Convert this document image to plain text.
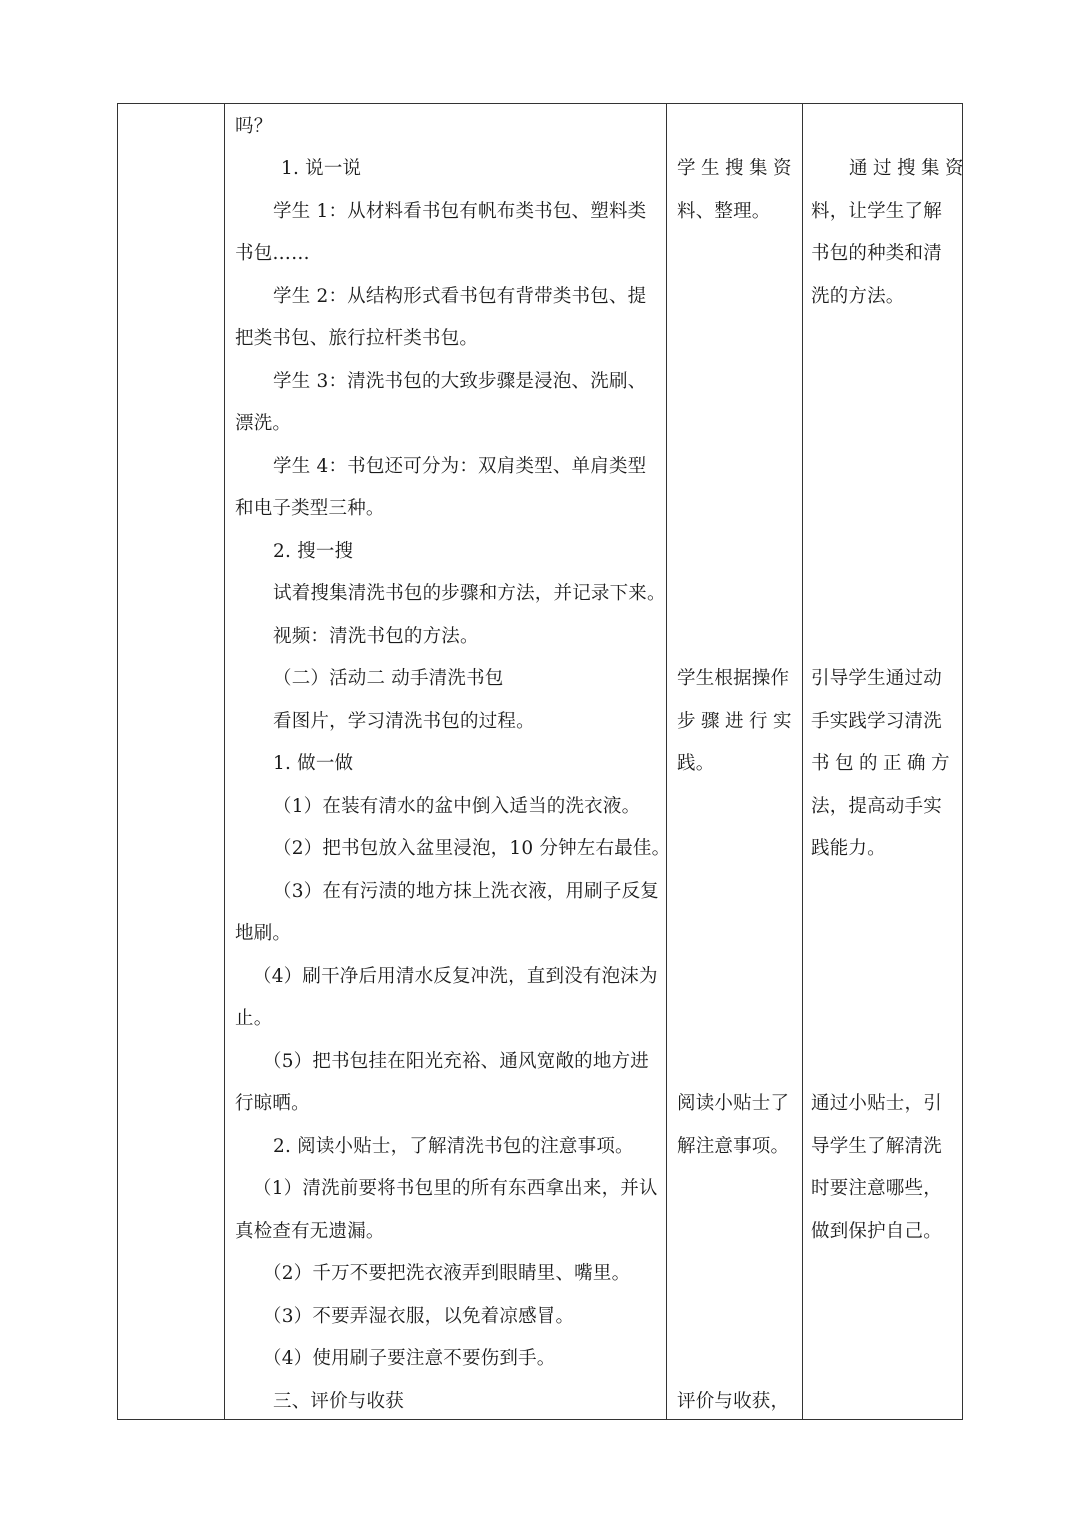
吗？
1. 说一说
学生 1：从材料看书包有帆布类书包、塑料类
书包……
学生 2：从结构形式看书包有背带类书包、提
把类书包、旅行拉杆类书包。
学生 3：清洗书包的大致步骤是浸泡、洗刷、
漂洗。
学生 4：书包还可分为：双肩类型、单肩类型
和电子类型三种。
2. 搜一搜
试着搜集清洗书包的步骤和方法，并记录下来。
视频：清洗书包的方法。
（二）活动二 动手清洗书包
看图片，学习清洗书包的过程。
1. 做一做
（1）在装有清水的盆中倒入适当的洗衣液。
（2）把书包放入盆里浸泡，10 分钟左右最佳。
（3）在有污渍的地方抹上洗衣液，用刷子反复
地刷。
（4）刷干净后用清水反复冲洗，直到没有泡沫为
止。
（5）把书包挂在阳光充裕、通风宽敞的地方进
行晾晒。
2. 阅读小贴士，了解清洗书包的注意事项。
（1）清洗前要将书包里的所有东西拿出来，并认
真检查有无遗漏。
（2）千万不要把洗衣液弄到眼睛里、嘴里。
（3）不要弄湿衣服，以免着凉感冒。
（4）使用刷子要注意不要伤到手。
三、评价与收获
学生搜集资
料、整理。
学生根据操作
步骤进行实
践。
阅读小贴士了
解注意事项。
评价与收获，
通过搜集资
料，让学生了解
书包的种类和清
洗的方法。
引导学生通过动
手实践学习清洗
书包的正确方
法，提高动手实
践能力。
通过小贴士，引
导学生了解清洗
时要注意哪些，
做到保护自己。
